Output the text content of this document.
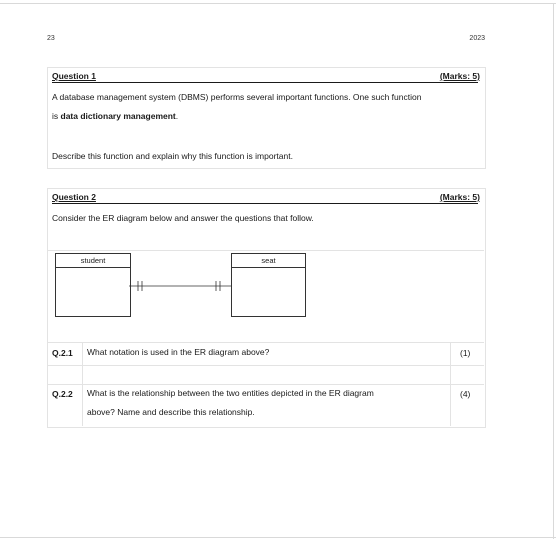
23	2023
Question 1	(Marks: 5)
A database management system (DBMS) performs several important functions. One such function
is data dictionary management.
Describe this function and explain why this function is important.
Question 2	(Marks: 5)
Consider the ER diagram below and answer the questions that follow.
student	seat
Q.2.1 What notation is used in the ER diagram above?	(1)
Q.2.2 What is the relationship between the two entities depicted in the ER diagram
above? Name and describe this relationship.
(4)
